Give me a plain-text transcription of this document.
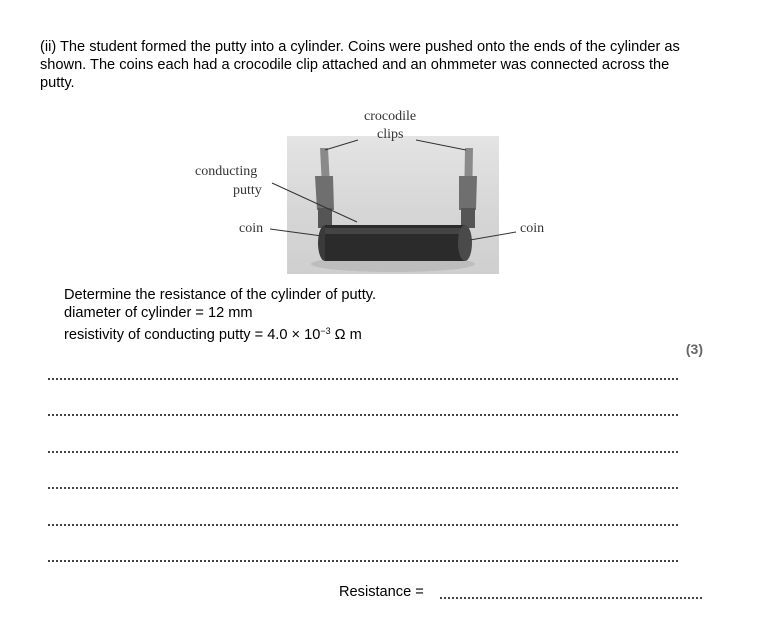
(ii) The student formed the putty into a cylinder. Coins were pushed onto the ends of the cylinder as shown. The coins each had a crocodile clip attached and an ohmmeter was connected across the putty.
crocodile
clips
conducting
putty
coin	coin
Determine the resistance of the cylinder of putty.
diameter of cylinder = 12 mm
resistivity of conducting putty = $4.0 \times 10^{-3}$ Ω m
(3)
Resistance =
